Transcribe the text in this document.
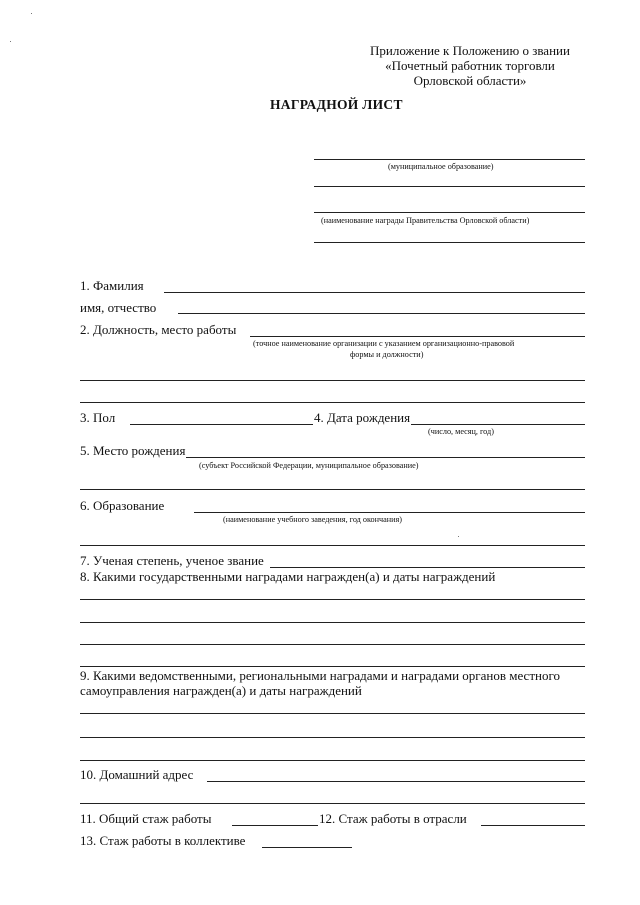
Приложение к Положению о звании
«Почетный работник торговли
Орловской области»
НАГРАДНОЙ ЛИСТ
(муниципальное образование)
(наименование награды Правительства Орловской области)
1. Фамилия
имя, отчество
2. Должность, место работы
(точное наименование организации с указанием организационно-правовой
формы и должности)
3. Пол	4. Дата рождения
(число, месяц, год)
5. Место рождения
(субъект Российской Федерации, муниципальное образование)
6. Образование
(наименование учебного заведения, год окончания)
7. Ученая степень, ученое звание
8. Какими государственными наградами награжден(а) и даты награждений
9. Какими ведомственными, региональными наградами и наградами органов местного
самоуправления награжден(а) и даты награждений
10. Домашний адрес
11. Общий стаж работы	12. Стаж работы в отрасли
13. Стаж работы в коллективе
